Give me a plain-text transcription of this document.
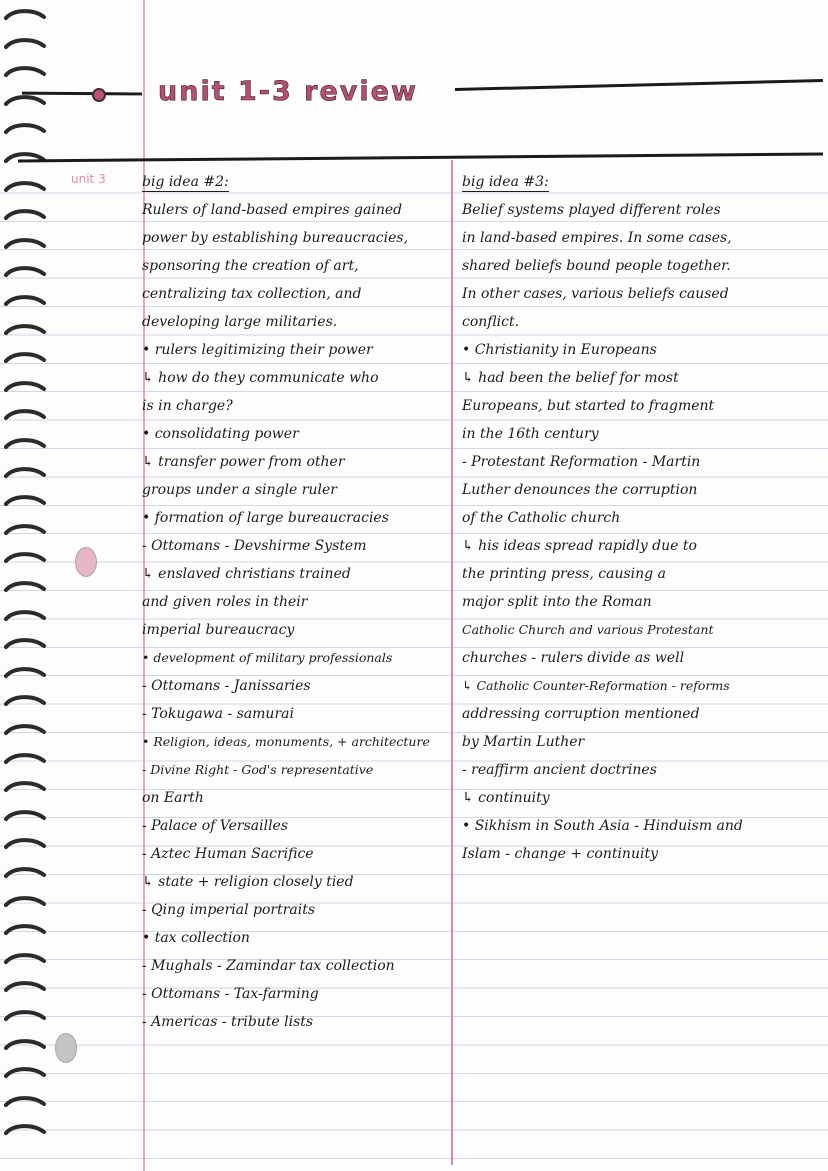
unit 1-3 review
unit 3	big idea #2:
Rulers of land-based empires gained
power by establishing bureaucracies,
sponsoring the creation of art,
centralizing tax collection, and
developing large militaries.
• rulers legitimizing their power
↳ how do they communicate who
is in charge?
• consolidating power
↳ transfer power from other
groups under a single ruler
• formation of large bureaucracies
- Ottomans - Devshirme System
↳ enslaved christians trained
and given roles in their
imperial bureaucracy
• development of military professionals
- Ottomans - Janissaries
- Tokugawa - samurai
• Religion, ideas, monuments, + architecture
- Divine Right - God's representative
on Earth
- Palace of Versailles
- Aztec Human Sacrifice
↳ state + religion closely tied
- Qing imperial portraits
• tax collection
- Mughals - Zamindar tax collection
- Ottomans - Tax-farming
- Americas - tribute lists
big idea #3:
Belief systems played different roles
in land-based empires. In some cases,
shared beliefs bound people together.
In other cases, various beliefs caused
conflict.
• Christianity in Europeans
↳ had been the belief for most
Europeans, but started to fragment
in the 16th century
- Protestant Reformation - Martin
Luther denounces the corruption
of the Catholic church
↳ his ideas spread rapidly due to
the printing press, causing a
major split into the Roman
Catholic Church and various Protestant
churches - rulers divide as well
↳ Catholic Counter-Reformation - reforms
addressing corruption mentioned
by Martin Luther
- reaffirm ancient doctrines
↳ continuity
• Sikhism in South Asia - Hinduism and
Islam - change + continuity
